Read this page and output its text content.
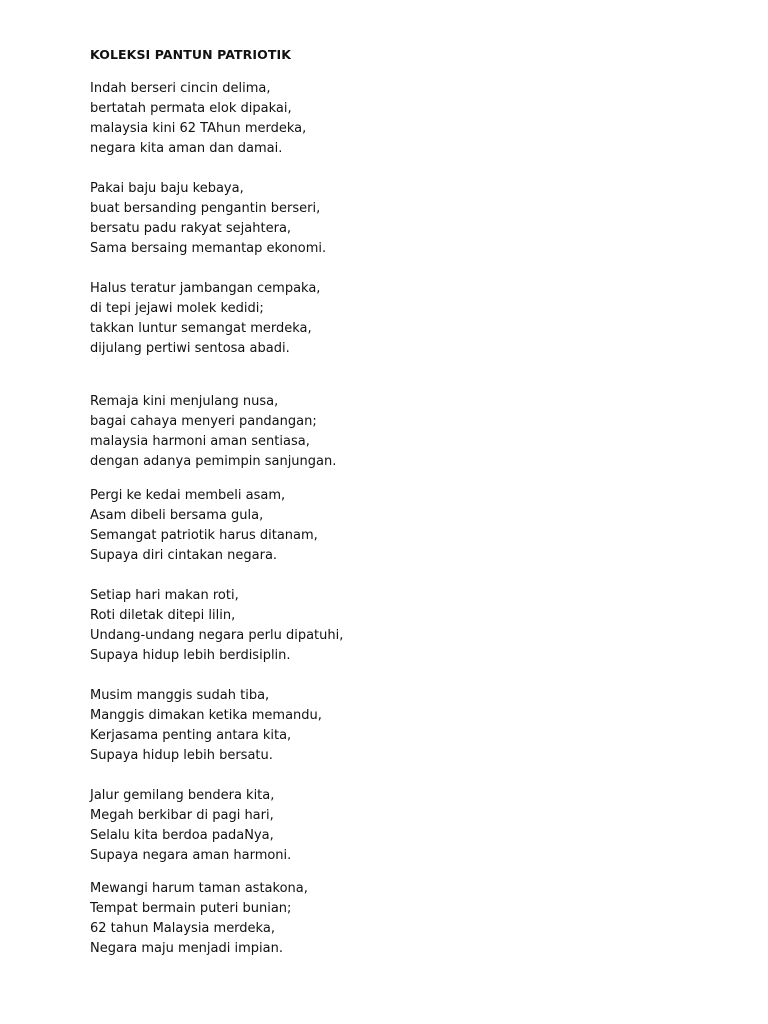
KOLEKSI PANTUN PATRIOTIK
Indah berseri cincin delima,
bertatah permata elok dipakai,
malaysia kini 62 TAhun merdeka,
negara kita aman dan damai.
Pakai baju baju kebaya,
buat bersanding pengantin berseri,
bersatu padu rakyat sejahtera,
Sama bersaing memantap ekonomi.
Halus teratur jambangan cempaka,
di tepi jejawi molek kedidi;
takkan luntur semangat merdeka,
dijulang pertiwi sentosa abadi.
Remaja kini menjulang nusa,
bagai cahaya menyeri pandangan;
malaysia harmoni aman sentiasa,
dengan adanya pemimpin sanjungan.
Pergi ke kedai membeli asam,
Asam dibeli bersama gula,
Semangat patriotik harus ditanam,
Supaya diri cintakan negara.
Setiap hari makan roti,
Roti diletak ditepi lilin,
Undang-undang negara perlu dipatuhi,
Supaya hidup lebih berdisiplin.
Musim manggis sudah tiba,
Manggis dimakan ketika memandu,
Kerjasama penting antara kita,
Supaya hidup lebih bersatu.
Jalur gemilang bendera kita,
Megah berkibar di pagi hari,
Selalu kita berdoa padaNya,
Supaya negara aman harmoni.
Mewangi harum taman astakona,
Tempat bermain puteri bunian;
62 tahun Malaysia merdeka,
Negara maju menjadi impian.
